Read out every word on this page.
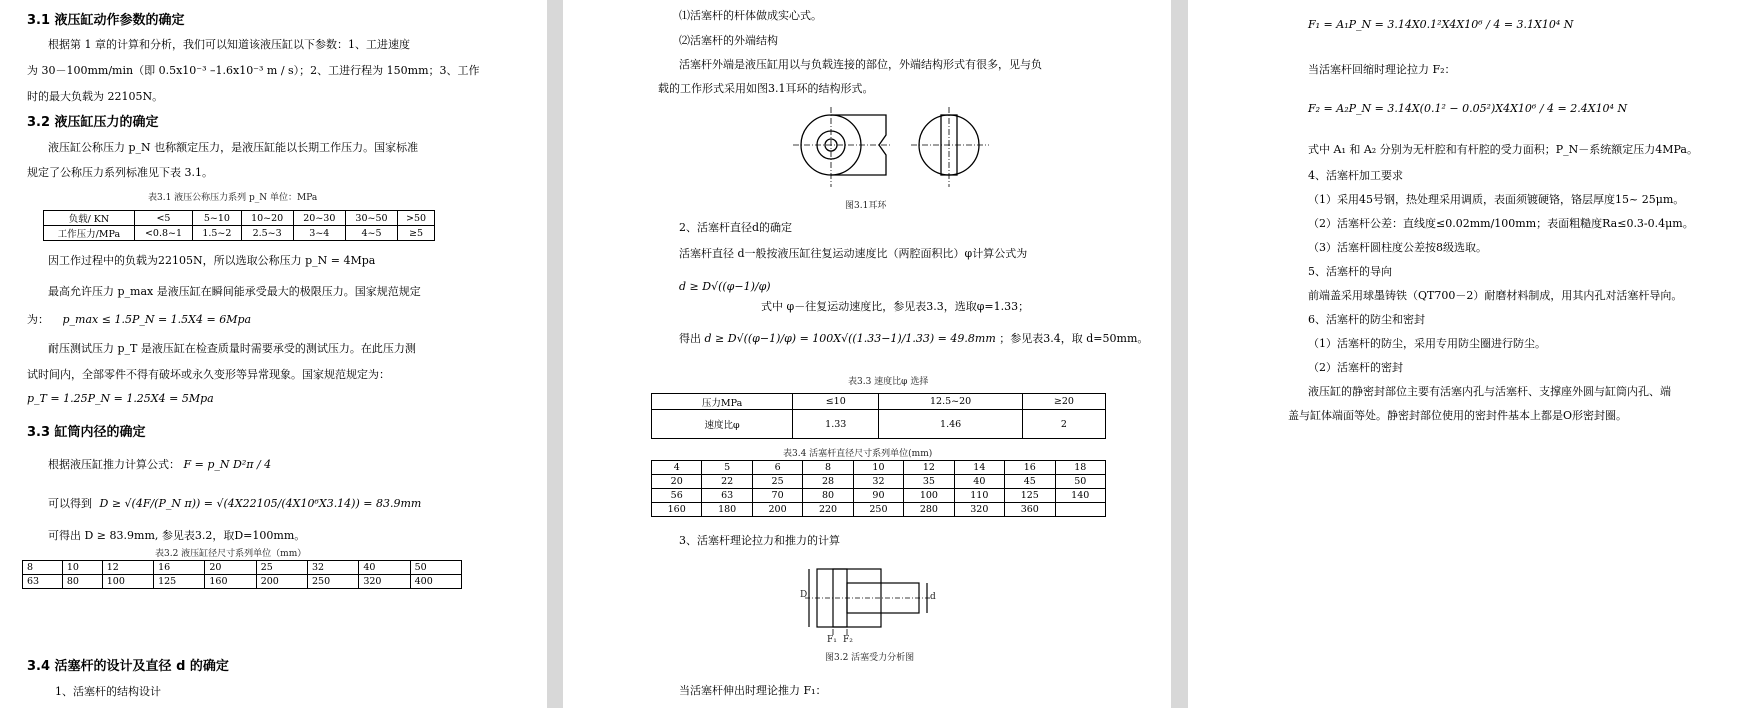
3.1 液压缸动作参数的确定
根据第 1 章的计算和分析，我们可以知道该液压缸以下参数：1、工进速度
为 30－100mm/min（即 0.5x10⁻³ –1.6x10⁻³ m / s）；2、工进行程为 150mm；3、工作
时的最大负载为 22105N。
3.2 液压缸压力的确定
液压缸公称压力 p_N 也称额定压力，是液压缸能以长期工作压力。国家标准
规定了公称压力系列标准见下表 3.1。
表3.1 液压公称压力系列 p_N 单位：MPa
负载/ KN	<5	5~10	10~20	20~30	30~50	>50
工作压力/MPa	<0.8~1	1.5~2	2.5~3	3~4	4~5	≥5
因工作过程中的负载为22105N，所以选取公称压力 p_N = 4Mpa
最高允许压力 p_max 是液压缸在瞬间能承受最大的极限压力。国家规范规定
为： p_max ≤ 1.5P_N = 1.5X4 = 6Mpa
耐压测试压力 p_T 是液压缸在检查质量时需要承受的测试压力。在此压力测
试时间内，全部零件不得有破坏或永久变形等异常现象。国家规范规定为：
p_T = 1.25P_N = 1.25X4 = 5Mpa
3.3 缸筒内径的确定
根据液压缸推力计算公式： F = p_N D²π / 4
可以得到 D ≥ √(4F/(P_N π)) = √(4X22105/(4X10⁶X3.14)) = 83.9mm
可得出 D ≥ 83.9mm, 参见表3.2，取D=100mm。
表3.2 液压缸径尺寸系列单位（mm）
8	10	12	16	20	25	32	40	50
63	80	100	125	160	200	250	320	400
3.4 活塞杆的设计及直径 d 的确定
1、活塞杆的结构设计
⑴活塞杆的杆体做成实心式。
⑵活塞杆的外端结构
活塞杆外端是液压缸用以与负载连接的部位，外端结构形式有很多，见与负
载的工作形式采用如图3.1耳环的结构形式。
图3.1耳环
2、活塞杆直径d的确定
活塞杆直径 d一般按液压缸往复运动速度比（两腔面积比）φ计算公式为
d ≥ D√((φ−1)/φ)
式中 φ－往复运动速度比，参见表3.3，选取φ=1.33；
得出 d ≥ D√((φ−1)/φ) = 100X√((1.33−1)/1.33) = 49.8mm ；参见表3.4，取 d=50mm。
表3.3 速度比φ 选择
压力MPa	≤10	12.5~20	≥20
速度比φ	1.33	1.46	2
表3.4 活塞杆直径尺寸系列单位(mm)
4	5	6	8	10	12	14	16	18
20	22	25	28	32	35	40	45	50
56	63	70	80	90	100	110	125	140
160	180	200	220	250	280	320	360	
3、活塞杆理论拉力和推力的计算
D	d
F₁ F₂
图3.2 活塞受力分析图
当活塞杆伸出时理论推力 F₁：
F₁ = A₁P_N = 3.14X0.1²X4X10⁶ / 4 = 3.1X10⁴ N
当活塞杆回缩时理论拉力 F₂：
F₂ = A₂P_N = 3.14X(0.1² − 0.05²)X4X10⁶ / 4 = 2.4X10⁴ N
式中 A₁ 和 A₂ 分别为无杆腔和有杆腔的受力面积；P_N－系统额定压力4MPa。
4、活塞杆加工要求
（1）采用45号钢，热处理采用调质，表面须镀硬铬，铬层厚度15~ 25μm。
（2）活塞杆公差：直线度≤0.02mm/100mm；表面粗糙度Ra≤0.3-0.4μm。
（3）活塞杆圆柱度公差按8级选取。
5、活塞杆的导向
前端盖采用球墨铸铁（QT700－2）耐磨材料制成，用其内孔对活塞杆导向。
6、活塞杆的防尘和密封
（1）活塞杆的防尘，采用专用防尘圈进行防尘。
（2）活塞杆的密封
液压缸的静密封部位主要有活塞内孔与活塞杆、支撑座外圆与缸筒内孔、端
盖与缸体端面等处。静密封部位使用的密封件基本上都是O形密封圈。
